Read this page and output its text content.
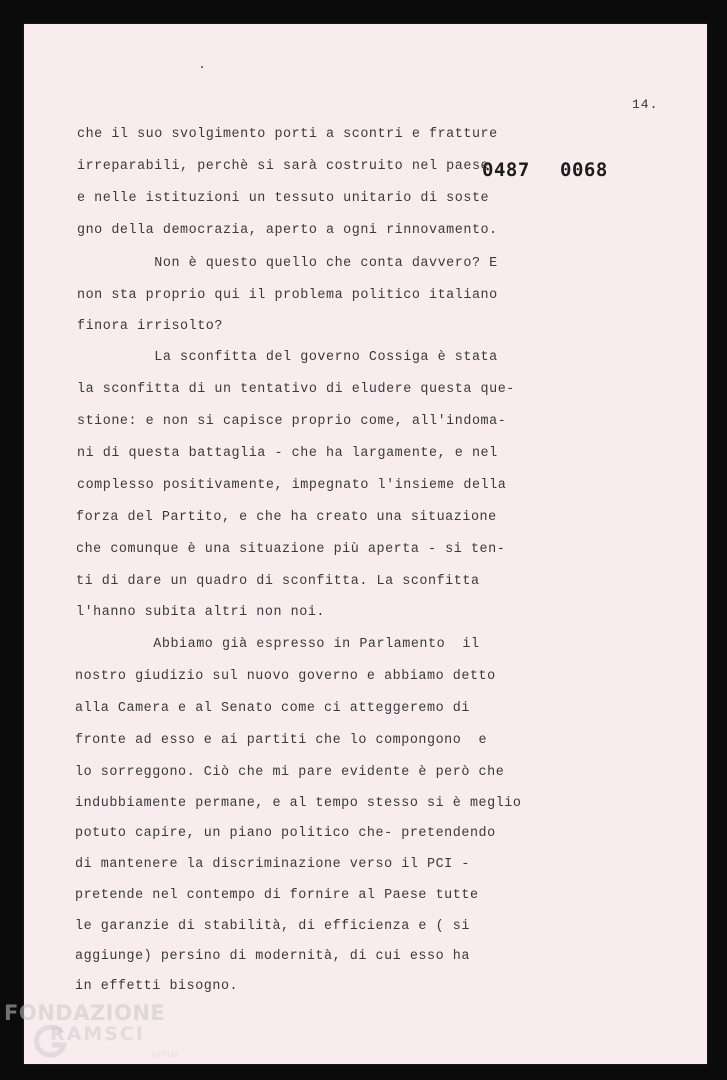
14.
0487 0068
che il suo svolgimento porti a scontri e fratture
irreparabili, perchè si sarà costruito nel paese
e nelle istituzioni un tessuto unitario di soste
gno della democrazia, aperto a ogni rinnovamento.
Non è questo quello che conta davvero? E
non sta proprio qui il problema politico italiano
finora irrisolto?
La sconfitta del governo Cossiga è stata
la sconfitta di un tentativo di eludere questa que-
stione: e non si capisce proprio come, all'indoma-
ni di questa battaglia - che ha largamente, e nel
complesso positivamente, impegnato l'insieme della
forza del Partito, e che ha creato una situazione
che comunque è una situazione più aperta - si ten-
ti di dare un quadro di sconfitta. La sconfitta
l'hanno subita altri non noi.
Abbiamo già espresso in Parlamento  il
nostro giudizio sul nuovo governo e abbiamo detto
alla Camera e al Senato come ci atteggeremo di
fronte ad esso e ai partiti che lo compongono  e
lo sorreggono. Ciò che mi pare evidente è però che
indubbiamente permane, e al tempo stesso si è meglio
potuto capire, un piano politico che- pretendendo
di mantenere la discriminazione verso il PCI -
pretende nel contempo di fornire al Paese tutte
le garanzie di stabilità, di efficienza e ( si
aggiunge) persino di modernità, di cui esso ha
in effetti bisogno.
FONDAZIONE
RAMSCI
onlus
